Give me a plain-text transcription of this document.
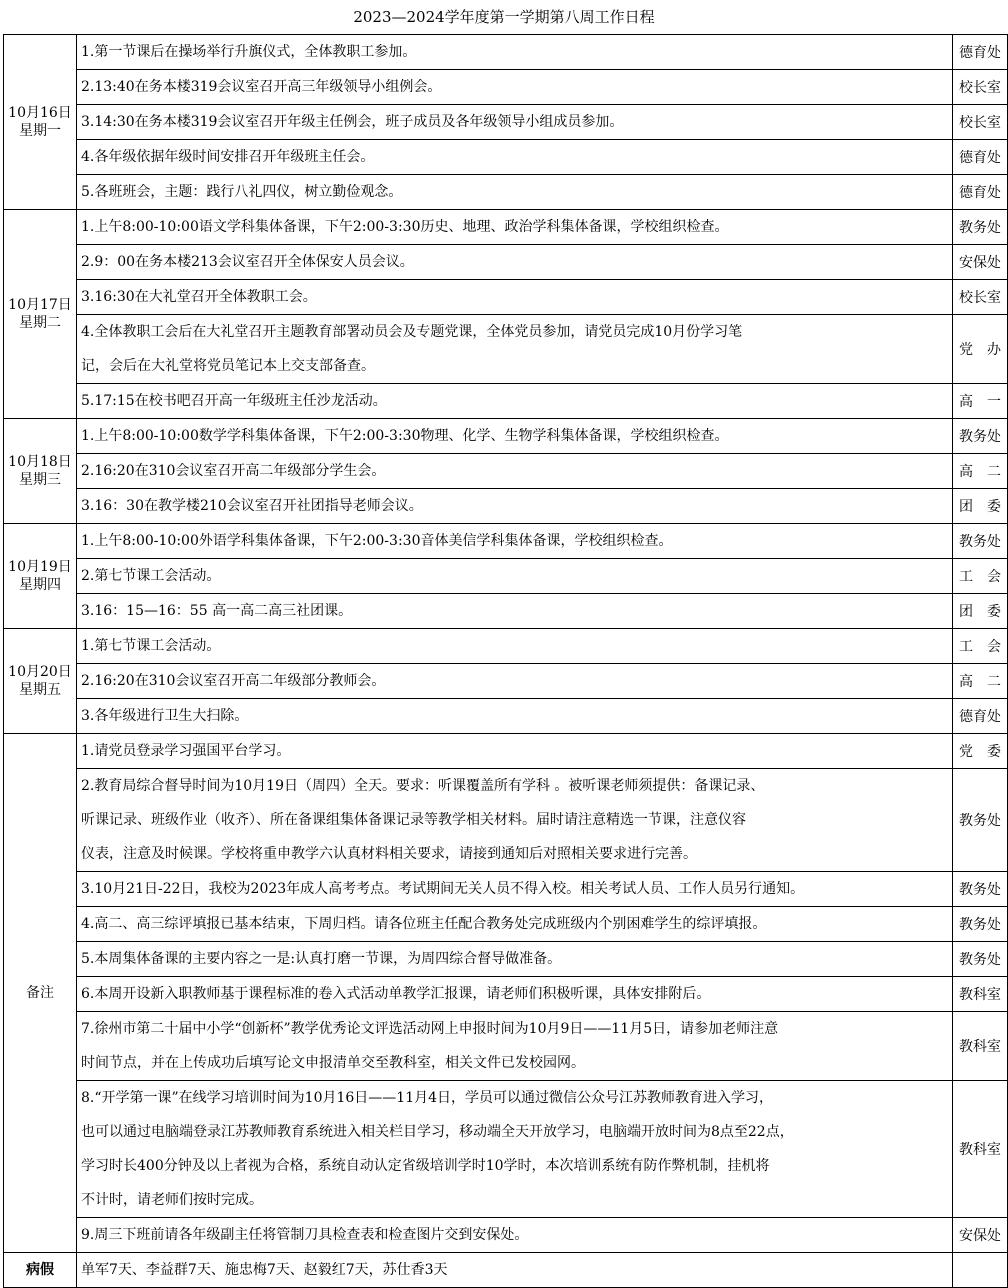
2023—2024学年度第一学期第八周工作日程
10月16日
星期一	1.第一节课后在操场举行升旗仪式，全体教职工参加。	德育处

	2.13:40在务本楼319会议室召开高三年级领导小组例会。	校长室

	3.14:30在务本楼319会议室召开年级主任例会，班子成员及各年级领导小组成员参加。	校长室

	4.各年级依据年级时间安排召开年级班主任会。	德育处

	5.各班班会，主题：践行八礼四仪，树立勤俭观念。	德育处

10月17日
星期二	1.上午8:00-10:00语文学科集体备课，下午2:00-3:30历史、地理、政治学科集体备课，学校组织检查。	教务处

	2.9：00在务本楼213会议室召开全体保安人员会议。	安保处

	3.16:30在大礼堂召开全体教职工会。	校长室

	4.全体教职工会后在大礼堂召开主题教育部署动员会及专题党课，全体党员参加，请党员完成10月份学习笔
记，会后在大礼堂将党员笔记本上交支部备查。	党　办

	5.17:15在校书吧召开高一年级班主任沙龙活动。	高　一

10月18日
星期三	1.上午8:00-10:00数学学科集体备课，下午2:00-3:30物理、化学、生物学科集体备课，学校组织检查。	教务处

	2.16:20在310会议室召开高二年级部分学生会。	高　二

	3.16：30在教学楼210会议室召开社团指导老师会议。	团　委

10月19日
星期四	1.上午8:00-10:00外语学科集体备课，下午2:00-3:30音体美信学科集体备课，学校组织检查。	教务处

	2.第七节课工会活动。	工　会

	3.16：15—16：55 高一高二高三社团课。	团　委

10月20日
星期五	1.第七节课工会活动。	工　会

	2.16:20在310会议室召开高二年级部分教师会。	高　二

	3.各年级进行卫生大扫除。	德育处
备注	1.请党员登录学习强国平台学习。	党　委

	2.教育局综合督导时间为10月19日（周四）全天。要求：听课覆盖所有学科 。被听课老师须提供：备课记录、
听课记录、班级作业（收齐）、所在备课组集体备课记录等教学相关材料。届时请注意精选一节课，注意仪容
仪表，注意及时候课。学校将重申教学六认真材料相关要求，请接到通知后对照相关要求进行完善。	教务处

	3.10月21日-22日，我校为2023年成人高考考点。考试期间无关人员不得入校。相关考试人员、工作人员另行通知。	教务处

	4.高二、高三综评填报已基本结束，下周归档。请各位班主任配合教务处完成班级内个别困难学生的综评填报。	教务处

	5.本周集体备课的主要内容之一是:认真打磨一节课，为周四综合督导做准备。	教务处

	6.本周开设新入职教师基于课程标准的卷入式活动单教学汇报课，请老师们积极听课，具体安排附后。	教科室

	7.徐州市第二十届中小学“创新杯”教学优秀论文评选活动网上申报时间为10月9日——11月5日，请参加老师注意
时间节点，并在上传成功后填写论文申报清单交至教科室，相关文件已发校园网。	教科室

	8.“开学第一课”在线学习培训时间为10月16日——11月4日，学员可以通过微信公众号江苏教师教育进入学习，
也可以通过电脑端登录江苏教师教育系统进入相关栏目学习，移动端全天开放学习，电脑端开放时间为8点至22点，
学习时长400分钟及以上者视为合格，系统自动认定省级培训学时10学时，本次培训系统有防作弊机制，挂机将
不计时，请老师们按时完成。	教科室

	9.周三下班前请各年级副主任将管制刀具检查表和检查图片交到安保处。	安保处
病假	单军7天、李益群7天、施忠梅7天、赵毅红7天，苏仕香3天	
